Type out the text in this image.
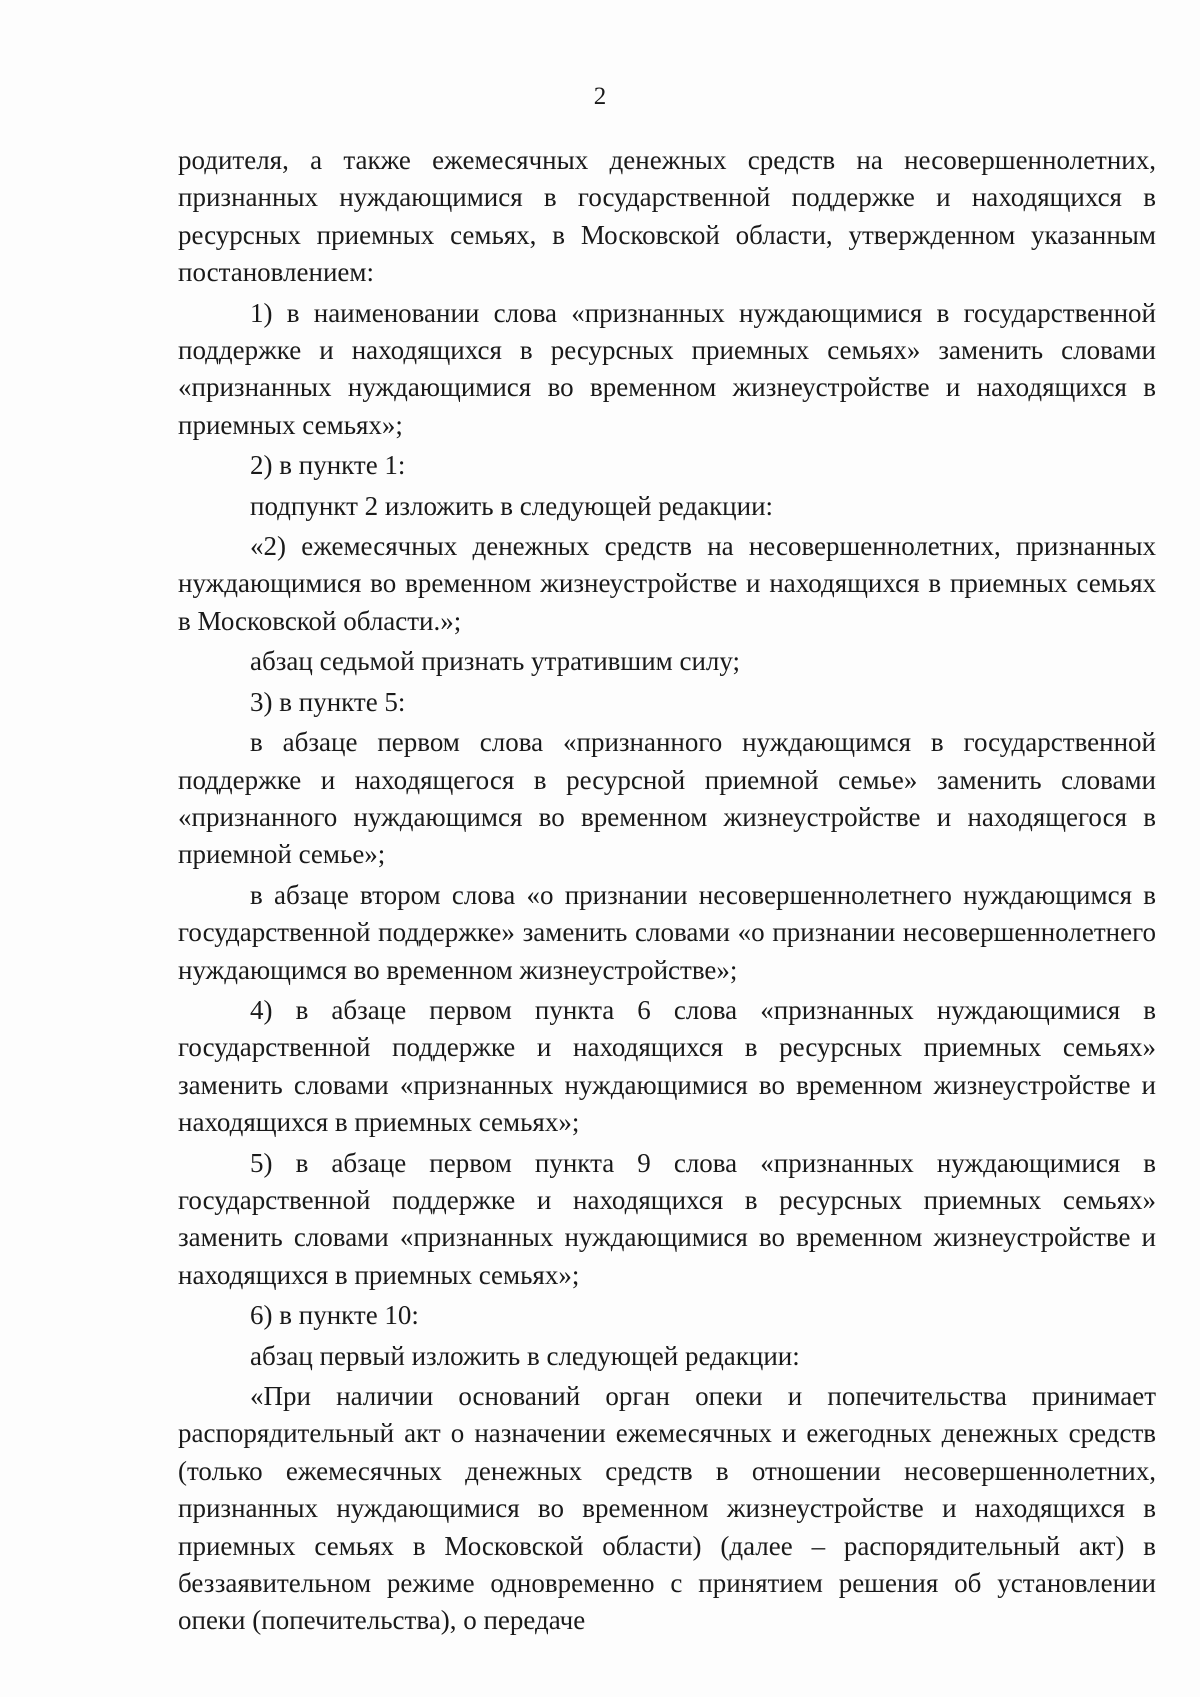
2

родителя, а также ежемесячных денежных средств на несовершеннолетних, признанных нуждающимися в государственной поддержке и находящихся в ресурсных приемных семьях, в Московской области, утвержденном указанным постановлением:

1) в наименовании слова «признанных нуждающимися в государственной поддержке и находящихся в ресурсных приемных семьях» заменить словами «признанных нуждающимися во временном жизнеустройстве и находящихся в приемных семьях»;

2) в пункте 1:

подпункт 2 изложить в следующей редакции:

«2) ежемесячных денежных средств на несовершеннолетних, признанных нуждающимися во временном жизнеустройстве и находящихся в приемных семьях в Московской области.»;

абзац седьмой признать утратившим силу;

3) в пункте 5:

в абзаце первом слова «признанного нуждающимся в государственной поддержке и находящегося в ресурсной приемной семье» заменить словами «признанного нуждающимся во временном жизнеустройстве и находящегося в приемной семье»;

в абзаце втором слова «о признании несовершеннолетнего нуждающимся в государственной поддержке» заменить словами «о признании несовершеннолетнего нуждающимся во временном жизнеустройстве»;

4) в абзаце первом пункта 6 слова «признанных нуждающимися в государственной поддержке и находящихся в ресурсных приемных семьях» заменить словами «признанных нуждающимися во временном жизнеустройстве и находящихся в приемных семьях»;

5) в абзаце первом пункта 9 слова «признанных нуждающимися в государственной поддержке и находящихся в ресурсных приемных семьях» заменить словами «признанных нуждающимися во временном жизнеустройстве и находящихся в приемных семьях»;

6) в пункте 10:

абзац первый изложить в следующей редакции:

«При наличии оснований орган опеки и попечительства принимает распорядительный акт о назначении ежемесячных и ежегодных денежных средств (только ежемесячных денежных средств в отношении несовершеннолетних, признанных нуждающимися во временном жизнеустройстве и находящихся в приемных семьях в Московской области) (далее – распорядительный акт) в беззаявительном режиме одновременно с принятием решения об установлении опеки (попечительства), о передаче
